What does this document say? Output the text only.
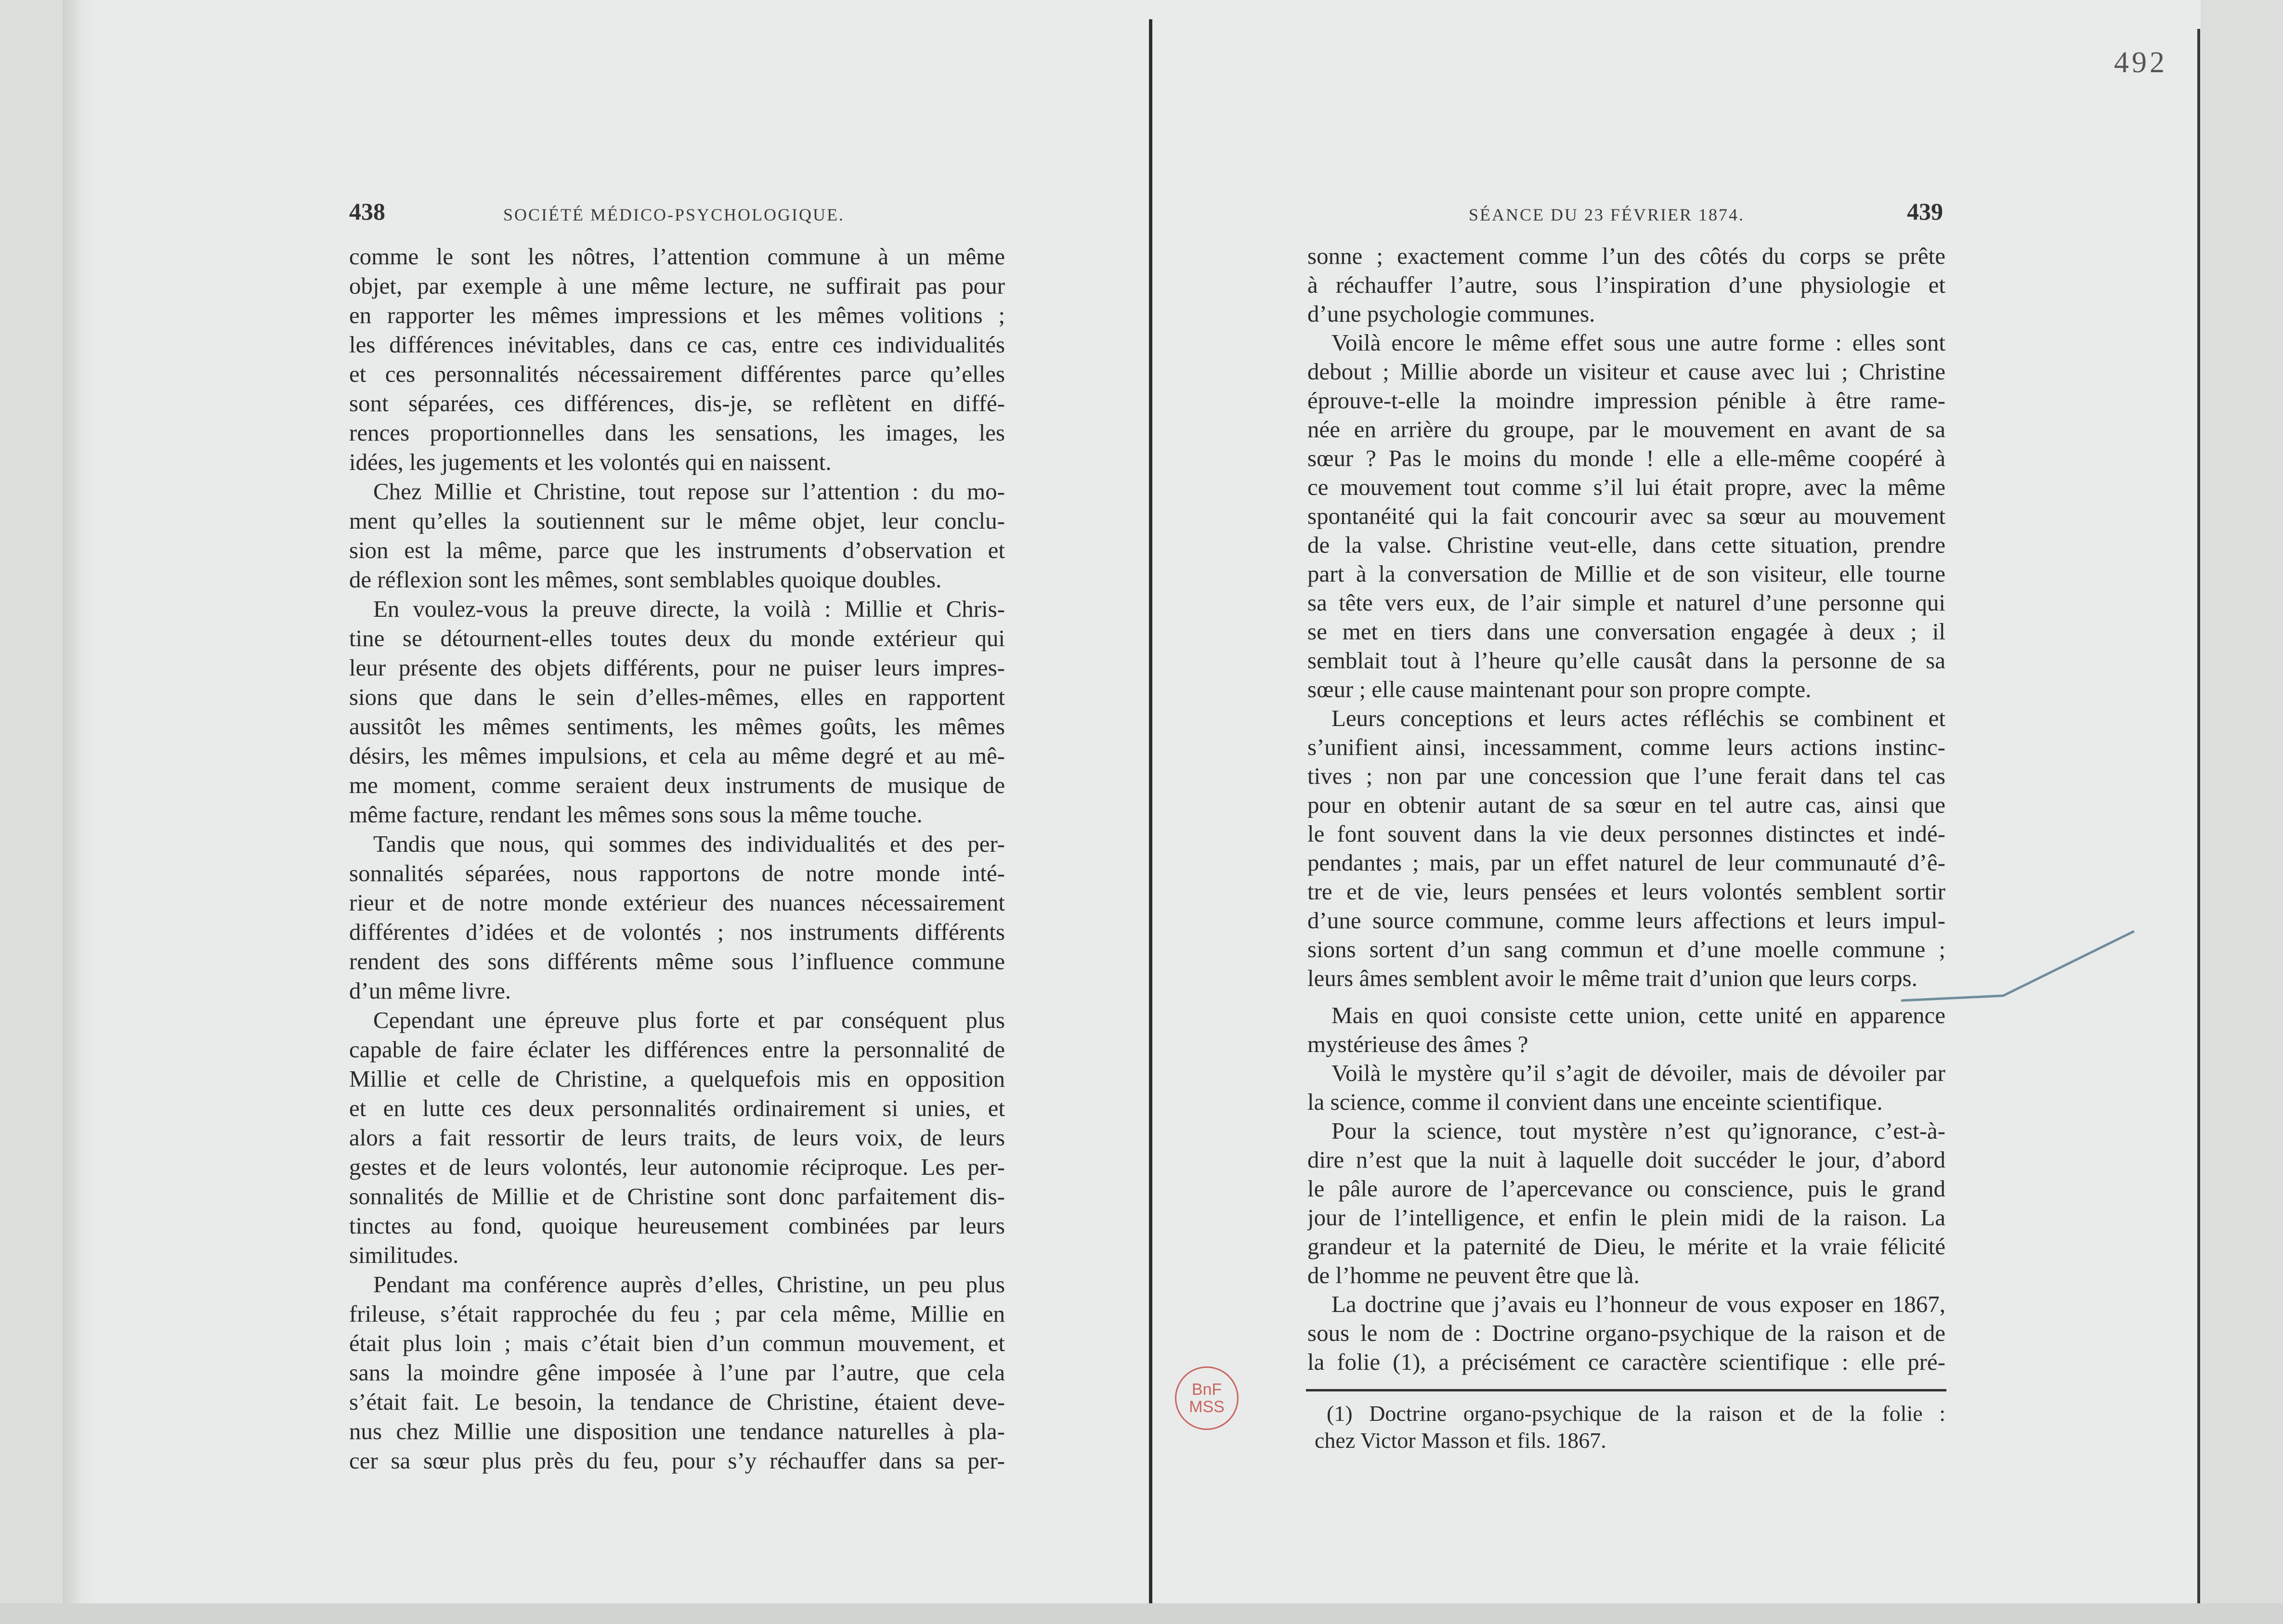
492
438	SOCIÉTÉ MÉDICO-PSYCHOLOGIQUE.
comme le sont les nôtres, l’attention commune à un même
objet, par exemple à une même lecture, ne suffirait pas pour
en rapporter les mêmes impressions et les mêmes volitions ;
les différences inévitables, dans ce cas, entre ces individualités
et ces personnalités nécessairement différentes parce qu’elles
sont séparées, ces différences, dis-je, se reflètent en diffé-
rences proportionnelles dans les sensations, les images, les
idées, les jugements et les volontés qui en naissent.
Chez Millie et Christine, tout repose sur l’attention : du mo-
ment qu’elles la soutiennent sur le même objet, leur conclu-
sion est la même, parce que les instruments d’observation et
de réflexion sont les mêmes, sont semblables quoique doubles.
En voulez-vous la preuve directe, la voilà : Millie et Chris-
tine se détournent-elles toutes deux du monde extérieur qui
leur présente des objets différents, pour ne puiser leurs impres-
sions que dans le sein d’elles-mêmes, elles en rapportent
aussitôt les mêmes sentiments, les mêmes goûts, les mêmes
désirs, les mêmes impulsions, et cela au même degré et au mê-
me moment, comme seraient deux instruments de musique de
même facture, rendant les mêmes sons sous la même touche.
Tandis que nous, qui sommes des individualités et des per-
sonnalités séparées, nous rapportons de notre monde inté-
rieur et de notre monde extérieur des nuances nécessairement
différentes d’idées et de volontés ; nos instruments différents
rendent des sons différents même sous l’influence commune
d’un même livre.
Cependant une épreuve plus forte et par conséquent plus
capable de faire éclater les différences entre la personnalité de
Millie et celle de Christine, a quelquefois mis en opposition
et en lutte ces deux personnalités ordinairement si unies, et
alors a fait ressortir de leurs traits, de leurs voix, de leurs
gestes et de leurs volontés, leur autonomie réciproque. Les per-
sonnalités de Millie et de Christine sont donc parfaitement dis-
tinctes au fond, quoique heureusement combinées par leurs
similitudes.
Pendant ma conférence auprès d’elles, Christine, un peu plus
frileuse, s’était rapprochée du feu ; par cela même, Millie en
était plus loin ; mais c’était bien d’un commun mouvement, et
sans la moindre gêne imposée à l’une par l’autre, que cela
s’était fait. Le besoin, la tendance de Christine, étaient deve-
nus chez Millie une disposition une tendance naturelles à pla-
cer sa sœur plus près du feu, pour s’y réchauffer dans sa per-
SÉANCE DU 23 FÉVRIER 1874.	439
sonne ; exactement comme l’un des côtés du corps se prête
à réchauffer l’autre, sous l’inspiration d’une physiologie et
d’une psychologie communes.
Voilà encore le même effet sous une autre forme : elles sont
debout ; Millie aborde un visiteur et cause avec lui ; Christine
éprouve-t-elle la moindre impression pénible à être rame-
née en arrière du groupe, par le mouvement en avant de sa
sœur ? Pas le moins du monde ! elle a elle-même coopéré à
ce mouvement tout comme s’il lui était propre, avec la même
spontanéité qui la fait concourir avec sa sœur au mouvement
de la valse. Christine veut-elle, dans cette situation, prendre
part à la conversation de Millie et de son visiteur, elle tourne
sa tête vers eux, de l’air simple et naturel d’une personne qui
se met en tiers dans une conversation engagée à deux ; il
semblait tout à l’heure qu’elle causât dans la personne de sa
sœur ; elle cause maintenant pour son propre compte.
Leurs conceptions et leurs actes réfléchis se combinent et
s’unifient ainsi, incessamment, comme leurs actions instinc-
tives ; non par une concession que l’une ferait dans tel cas
pour en obtenir autant de sa sœur en tel autre cas, ainsi que
le font souvent dans la vie deux personnes distinctes et indé-
pendantes ; mais, par un effet naturel de leur communauté d’ê-
tre et de vie, leurs pensées et leurs volontés semblent sortir
d’une source commune, comme leurs affections et leurs impul-
sions sortent d’un sang commun et d’une moelle commune ;
leurs âmes semblent avoir le même trait d’union que leurs corps.
Mais en quoi consiste cette union, cette unité en apparence
mystérieuse des âmes ?
Voilà le mystère qu’il s’agit de dévoiler, mais de dévoiler par
la science, comme il convient dans une enceinte scientifique.
Pour la science, tout mystère n’est qu’ignorance, c’est-à-
dire n’est que la nuit à laquelle doit succéder le jour, d’abord
le pâle aurore de l’apercevance ou conscience, puis le grand
jour de l’intelligence, et enfin le plein midi de la raison. La
grandeur et la paternité de Dieu, le mérite et la vraie félicité
de l’homme ne peuvent être que là.
La doctrine que j’avais eu l’honneur de vous exposer en 1867,
sous le nom de : Doctrine organo-psychique de la raison et de
la folie (1), a précisément ce caractère scientifique : elle pré-
(1) Doctrine organo-psychique de la raison et de la folie :
chez Victor Masson et fils. 1867.
BnF
MSS
